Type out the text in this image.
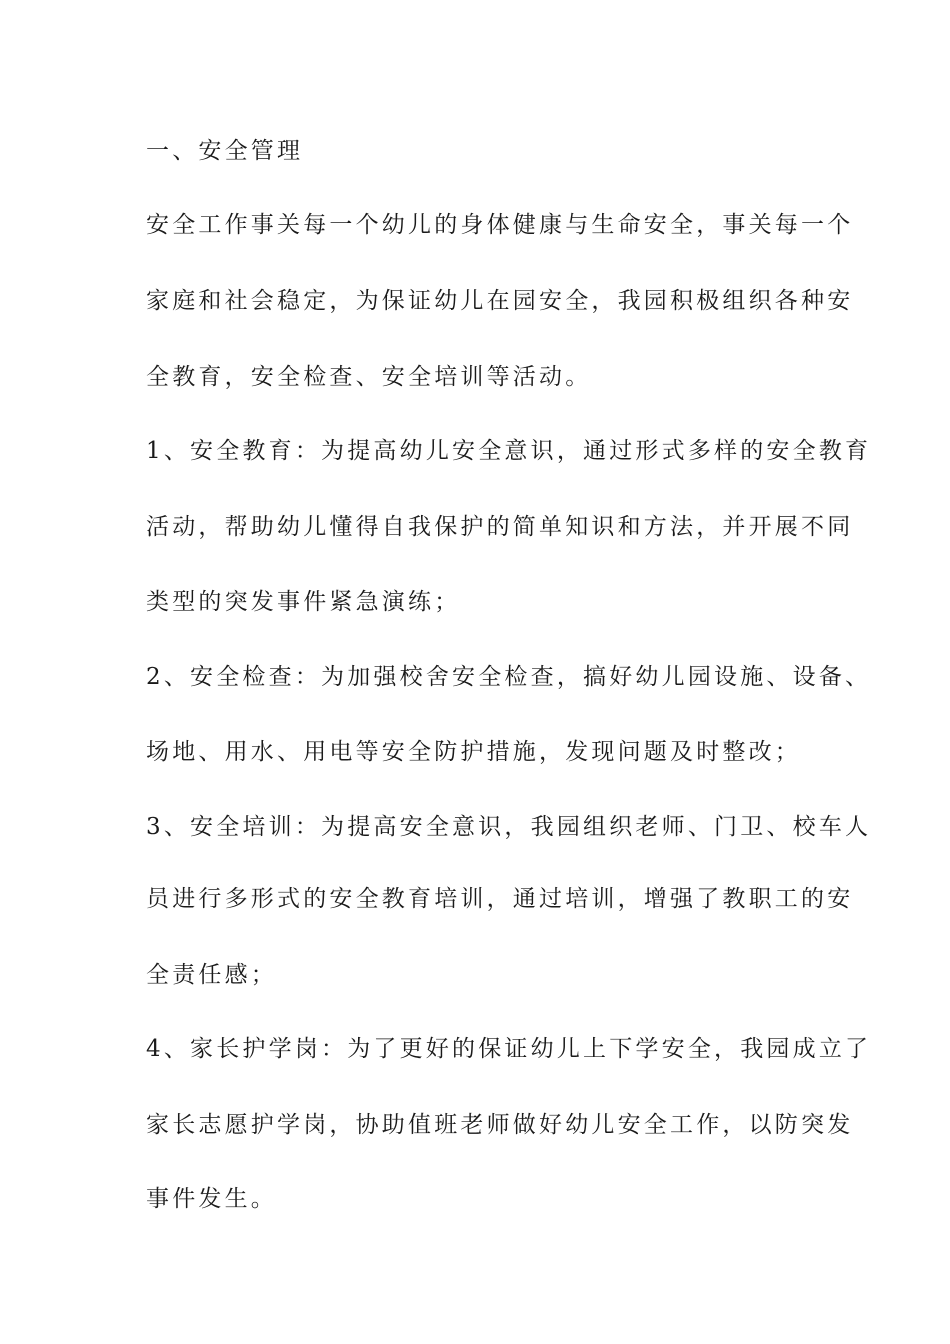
一、安全管理
安全工作事关每一个幼儿的身体健康与生命安全，事关每一个
家庭和社会稳定，为保证幼儿在园安全，我园积极组织各种安
全教育，安全检查、安全培训等活动。
1、安全教育：为提高幼儿安全意识，通过形式多样的安全教育
活动，帮助幼儿懂得自我保护的简单知识和方法，并开展不同
类型的突发事件紧急演练；
2、安全检查：为加强校舍安全检查，搞好幼儿园设施、设备、
场地、用水、用电等安全防护措施，发现问题及时整改；
3、安全培训：为提高安全意识，我园组织老师、门卫、校车人
员进行多形式的安全教育培训，通过培训，增强了教职工的安
全责任感；
4、家长护学岗：为了更好的保证幼儿上下学安全，我园成立了
家长志愿护学岗，协助值班老师做好幼儿安全工作，以防突发
事件发生。
